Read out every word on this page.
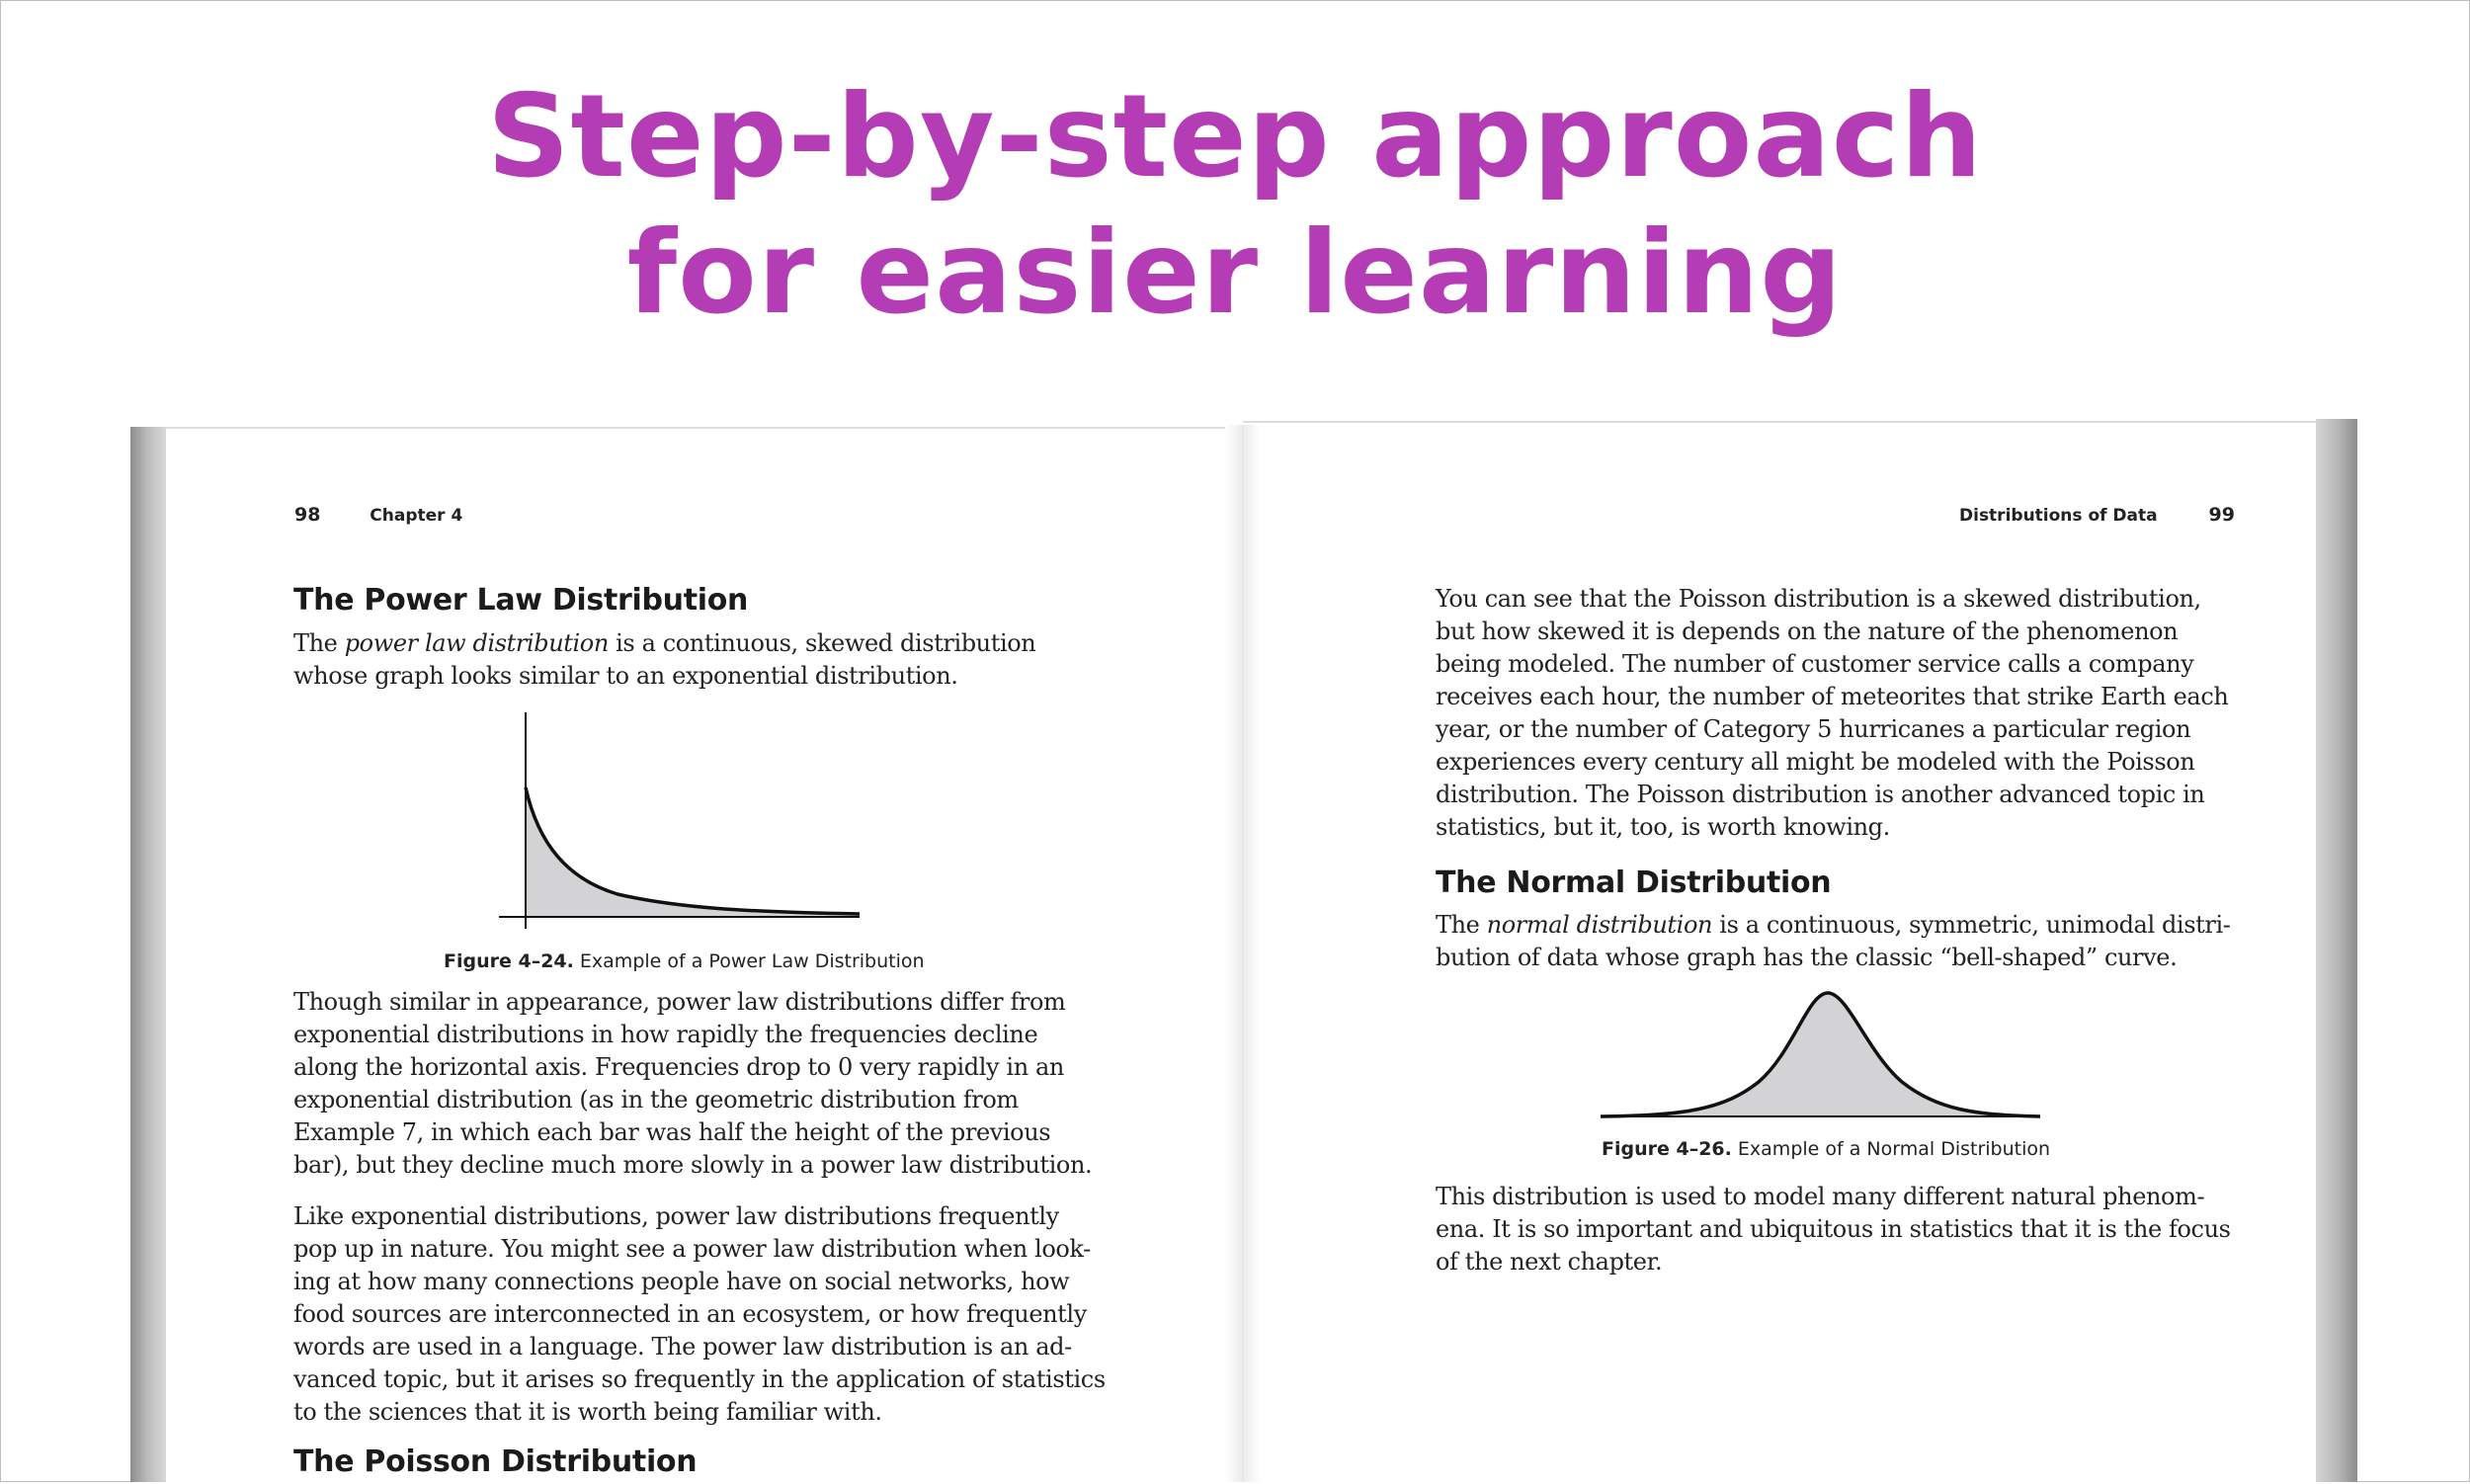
Step-by-step approach
for easier learning
98	Chapter 4
The Power Law Distribution
The power law distribution is a continuous, skewed distribution
whose graph looks similar to an exponential distribution.
Figure 4–24. Example of a Power Law Distribution
Though similar in appearance, power law distributions differ from
exponential distributions in how rapidly the frequencies decline
along the horizontal axis. Frequencies drop to 0 very rapidly in an
exponential distribution (as in the geometric distribution from
Example 7, in which each bar was half the height of the previous
bar), but they decline much more slowly in a power law distribution.
Like exponential distributions, power law distributions frequently
pop up in nature. You might see a power law distribution when look-
ing at how many connections people have on social networks, how
food sources are interconnected in an ecosystem, or how frequently
words are used in a language. The power law distribution is an ad-
vanced topic, but it arises so frequently in the application of statistics
to the sciences that it is worth being familiar with.
The Poisson Distribution
Distributions of Data	99
You can see that the Poisson distribution is a skewed distribution,
but how skewed it is depends on the nature of the phenomenon
being modeled. The number of customer service calls a company
receives each hour, the number of meteorites that strike Earth each
year, or the number of Category 5 hurricanes a particular region
experiences every century all might be modeled with the Poisson
distribution. The Poisson distribution is another advanced topic in
statistics, but it, too, is worth knowing.
The Normal Distribution
The normal distribution is a continuous, symmetric, unimodal distri-
bution of data whose graph has the classic “bell-shaped” curve.
Figure 4–26. Example of a Normal Distribution
This distribution is used to model many different natural phenom-
ena. It is so important and ubiquitous in statistics that it is the focus
of the next chapter.
